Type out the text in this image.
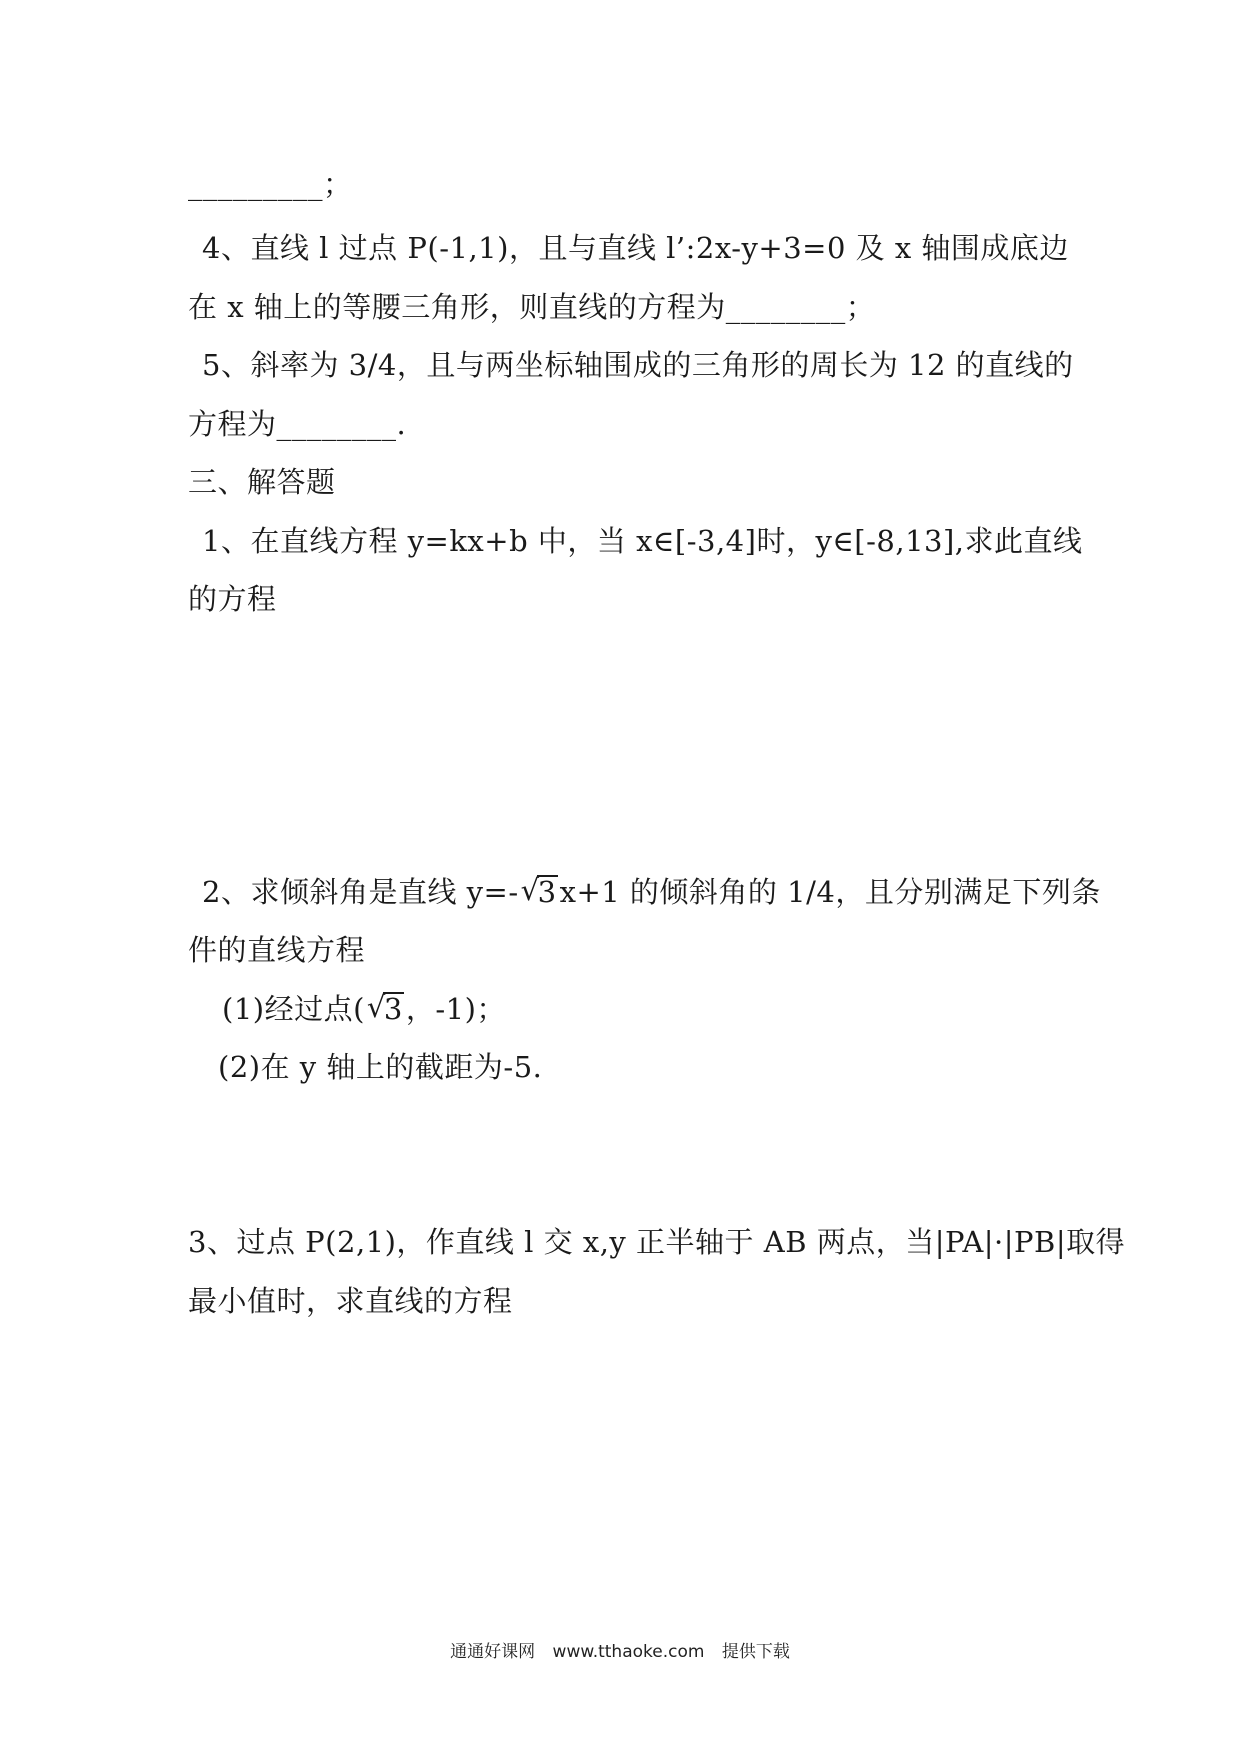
_________；
4、直线 l 过点 P(-1,1)，且与直线 l’:2x-y+3=0 及 x 轴围成底边
在 x 轴上的等腰三角形，则直线的方程为________；
5、斜率为 3/4，且与两坐标轴围成的三角形的周长为 12 的直线的
方程为________.
三、解答题
1、在直线方程 y=kx+b 中，当 x∈[-3,4]时，y∈[-8,13],求此直线
的方程
2、求倾斜角是直线 y=- √ 3 x+1 的倾斜角的 1/4，且分别满足下列条
件的直线方程
(1)经过点( √ 3 ，-1)；
(2)在 y 轴上的截距为-5.
3、过点 P(2,1)，作直线 l 交 x,y 正半轴于 AB 两点，当|PA|·|PB|取得
最小值时，求直线的方程
通通好课网 www.tthaoke.com 提供下载
